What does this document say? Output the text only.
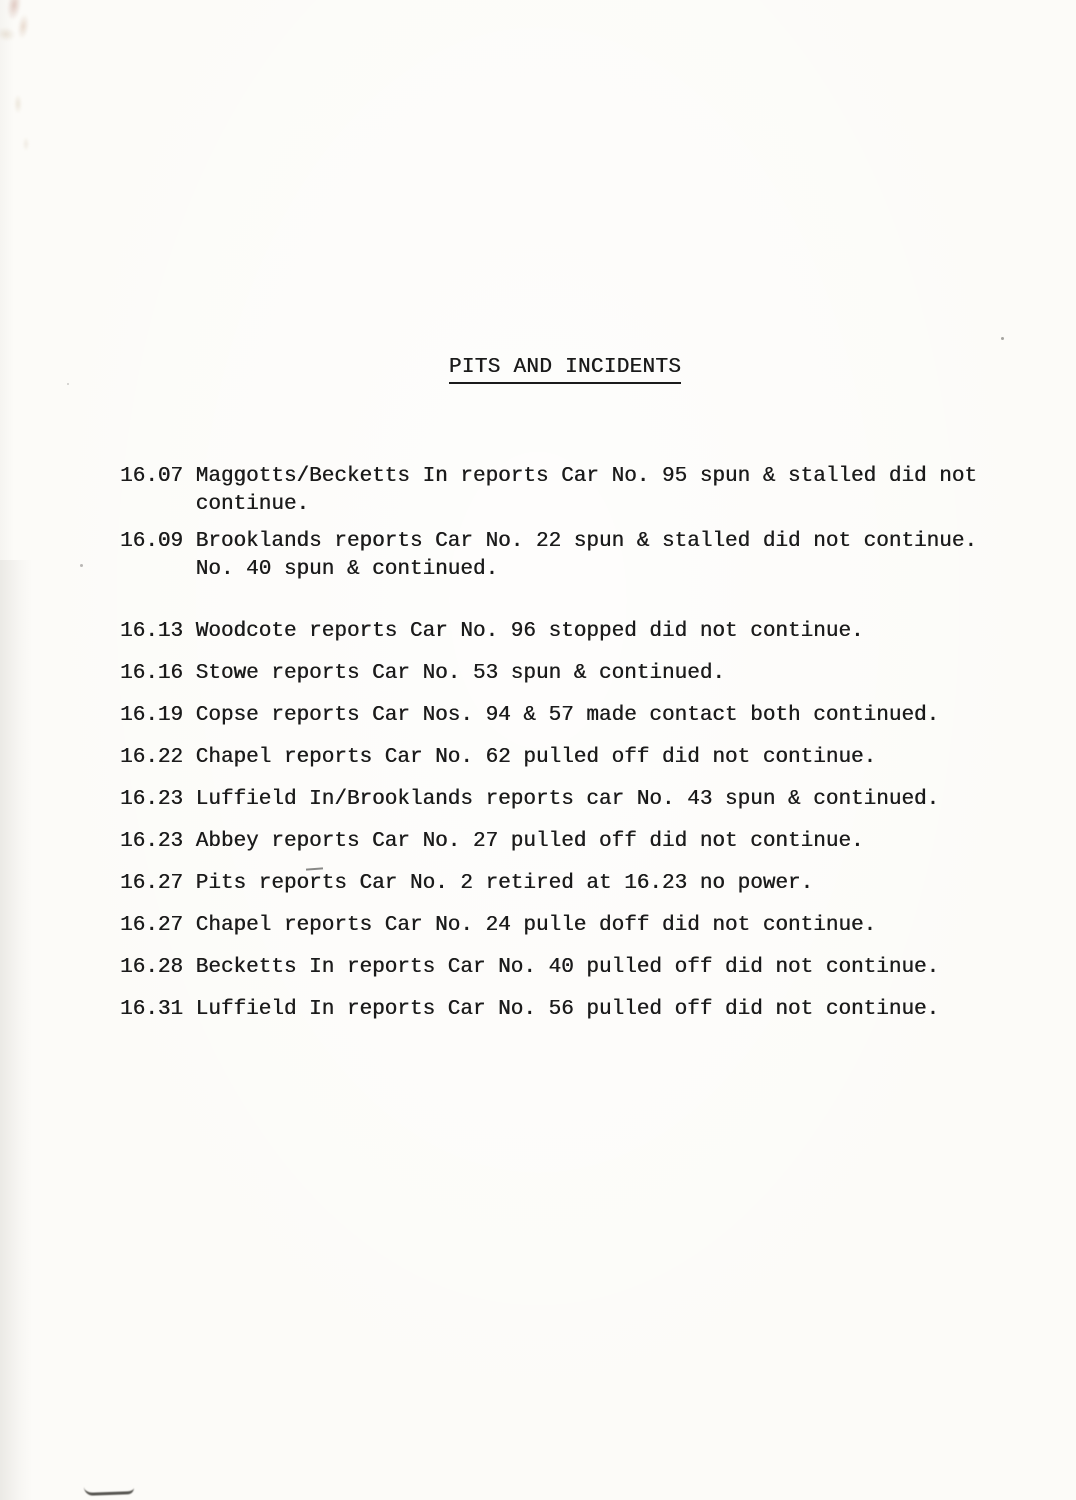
PITS AND INCIDENTS
16.07 Maggotts/Becketts In reports Car No. 95 spun & stalled did not continue.
16.09 Brooklands reports Car No. 22 spun & stalled did not continue. No. 40 spun & continued.
16.13 Woodcote reports Car No. 96 stopped did not continue.
16.16 Stowe reports Car No. 53 spun & continued.
16.19 Copse reports Car Nos. 94 & 57 made contact both continued.
16.22 Chapel reports Car No. 62 pulled off did not continue.
16.23 Luffield In/Brooklands reports car No. 43 spun & continued.
16.23 Abbey reports Car No. 27 pulled off did not continue.
16.27 Pits reports Car No. 2 retired at 16.23 no power.
16.27 Chapel reports Car No. 24 pulle doff did not continue.
16.28 Becketts In reports Car No. 40 pulled off did not continue.
16.31 Luffield In reports Car No. 56 pulled off did not continue.
